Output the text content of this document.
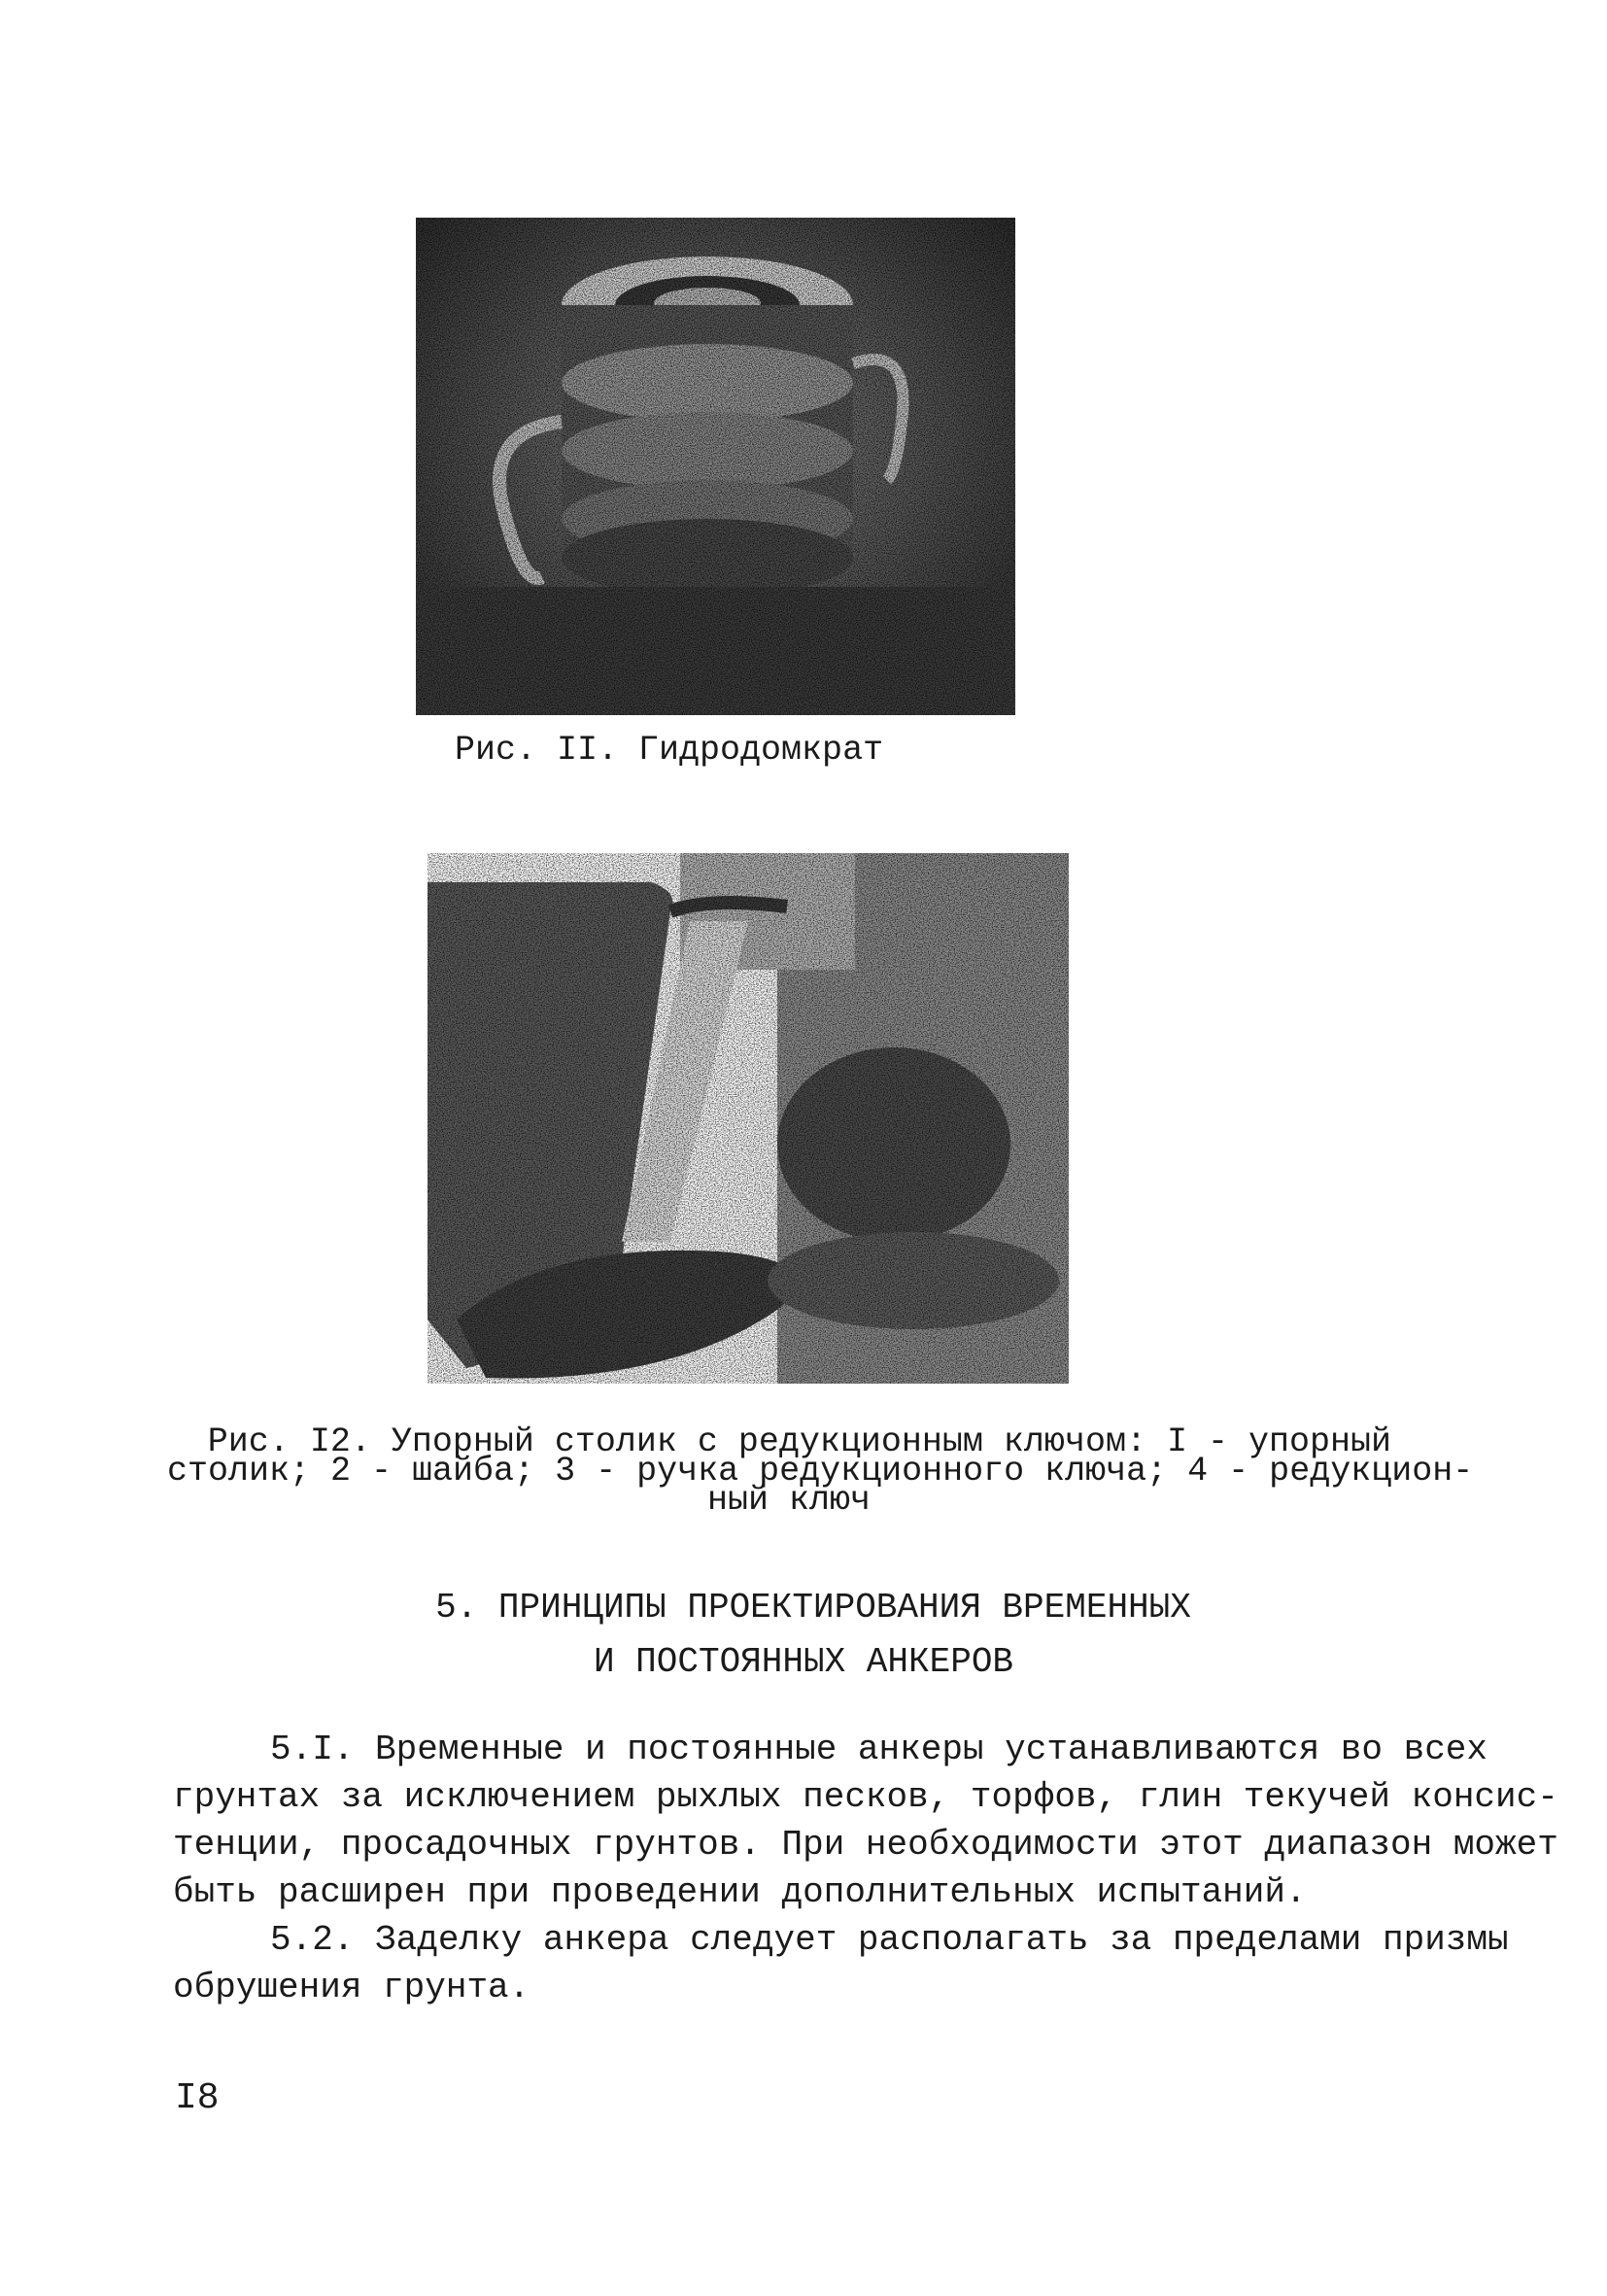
Рис. II. Гидродомкрат
Рис. I2. Упорный столик с редукционным ключом: I - упорный
столик; 2 - шайба; 3 - ручка редукционного ключа; 4 - редукцион-
ный ключ
5. ПРИНЦИПЫ ПРОЕКТИРОВАНИЯ ВРЕМЕННЫХ
И ПОСТОЯННЫХ АНКЕРОВ
5.I. Временные и постоянные анкеры устанавливаются во всех
грунтах за исключением рыхлых песков, торфов, глин текучей консис-
тенции, просадочных грунтов. При необходимости этот диапазон может
быть расширен при проведении дополнительных испытаний.
5.2. Заделку анкера следует располагать за пределами призмы
обрушения грунта.
I8
